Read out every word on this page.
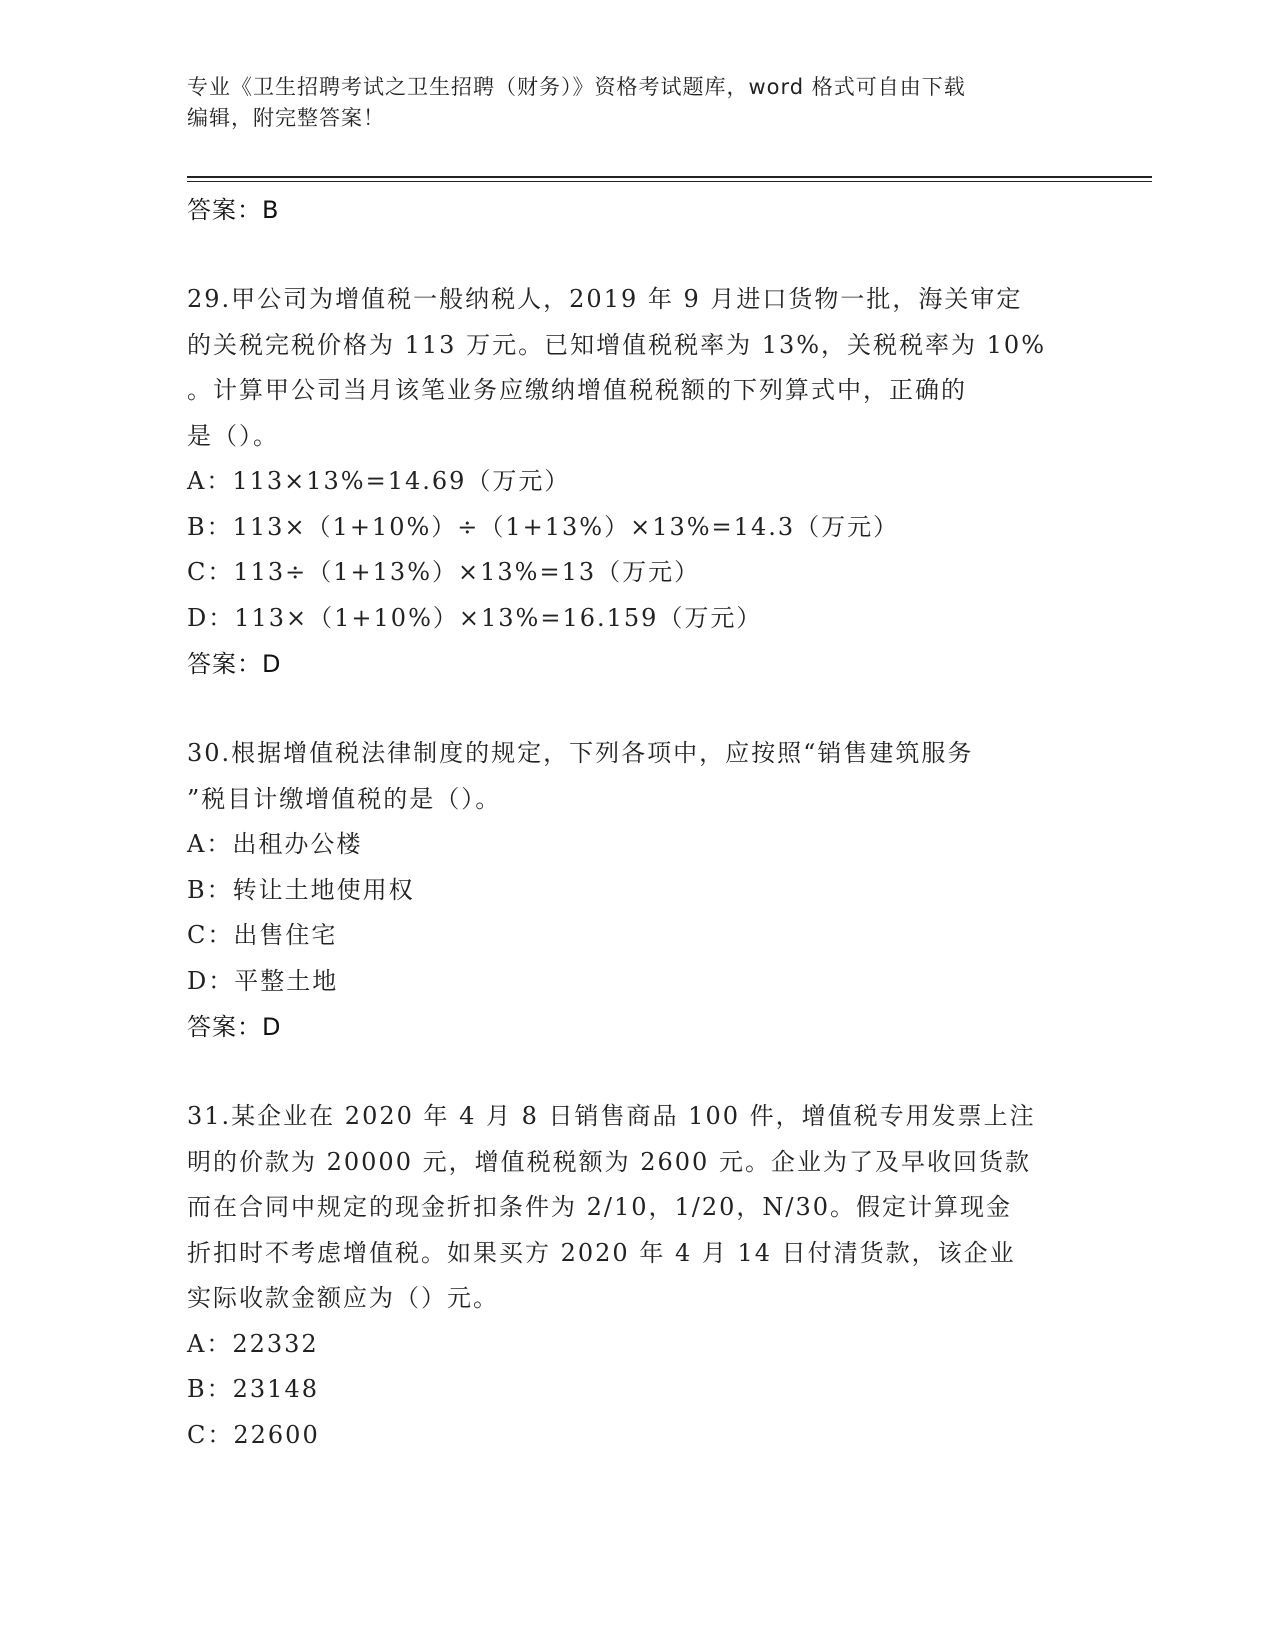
专业《卫生招聘考试之卫生招聘（财务）》资格考试题库，word 格式可自由下载
编辑，附完整答案！
答案：B
29.甲公司为增值税一般纳税人，2019 年 9 月进口货物一批，海关审定
的关税完税价格为 113 万元。已知增值税税率为 13%，关税税率为 10%
。计算甲公司当月该笔业务应缴纳增值税税额的下列算式中，正确的
是（）。
A：113×13%=14.69（万元）
B：113×（1+10%）÷（1+13%）×13%=14.3（万元）
C：113÷（1+13%）×13%=13（万元）
D：113×（1+10%）×13%=16.159（万元）
答案：D
30.根据增值税法律制度的规定，下列各项中，应按照“销售建筑服务
”税目计缴增值税的是（）。
A：出租办公楼
B：转让土地使用权
C：出售住宅
D：平整土地
答案：D
31.某企业在 2020 年 4 月 8 日销售商品 100 件，增值税专用发票上注
明的价款为 20000 元，增值税税额为 2600 元。企业为了及早收回货款
而在合同中规定的现金折扣条件为 2/10，1/20，N/30。假定计算现金
折扣时不考虑增值税。如果买方 2020 年 4 月 14 日付清货款，该企业
实际收款金额应为（）元。
A：22332
B：23148
C：22600
